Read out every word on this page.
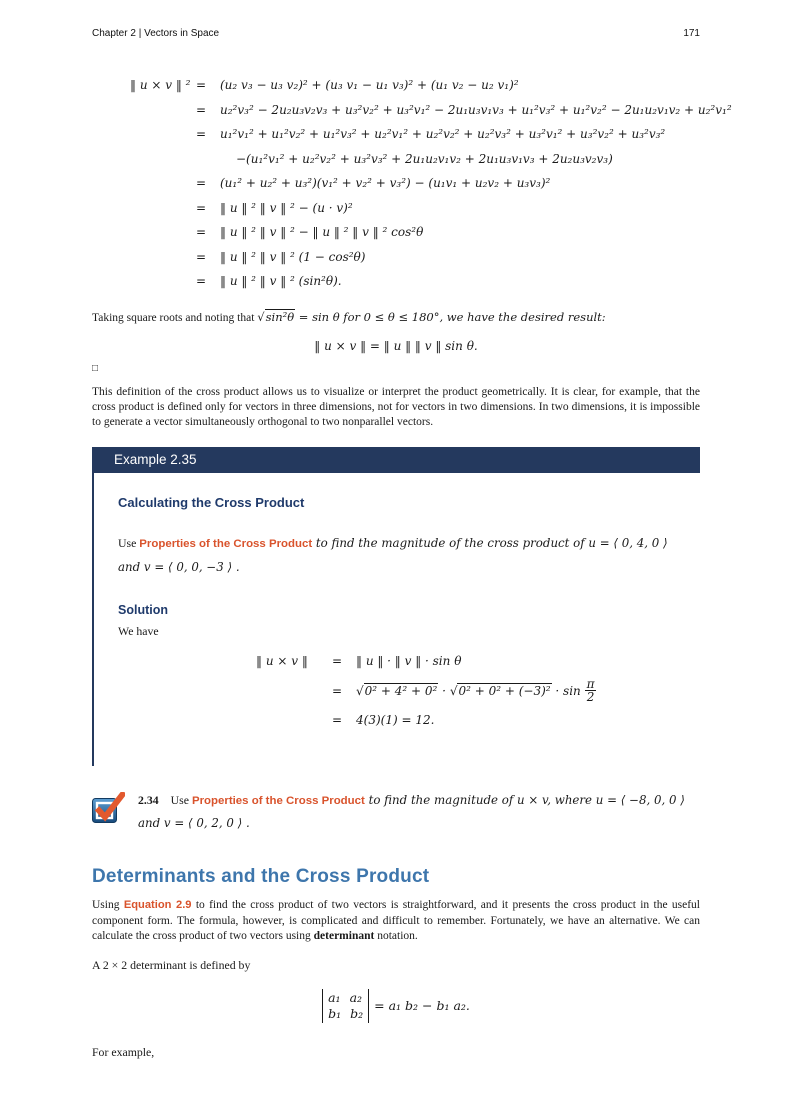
Chapter 2 | Vectors in Space	171
‖ u × v ‖ ² =	(u₂ v₃ − u₃ v₂)² + (u₃ v₁ − u₁ v₃)² + (u₁ v₂ − u₂ v₁)²
=	u₂²v₃² − 2u₂u₃v₂v₃ + u₃²v₂² + u₃²v₁² − 2u₁u₃v₁v₃ + u₁²v₃² + u₁²v₂² − 2u₁u₂v₁v₂ + u₂²v₁²
=	u₁²v₁² + u₁²v₂² + u₁²v₃² + u₂²v₁² + u₂²v₂² + u₂²v₃² + u₃²v₁² + u₃²v₂² + u₃²v₃²
−(u₁²v₁² + u₂²v₂² + u₃²v₃² + 2u₁u₂v₁v₂ + 2u₁u₃v₁v₃ + 2u₂u₃v₂v₃)
=	(u₁² + u₂² + u₃²)(v₁² + v₂² + v₃²) − (u₁v₁ + u₂v₂ + u₃v₃)²
=	‖ u ‖ ² ‖ v ‖ ² − (u · v)²
=	‖ u ‖ ² ‖ v ‖ ² − ‖ u ‖ ² ‖ v ‖ ² cos²θ
=	‖ u ‖ ² ‖ v ‖ ² (1 − cos²θ)
=	‖ u ‖ ² ‖ v ‖ ² (sin²θ).

Taking square roots and noting that √sin²θ = sin θ for 0 ≤ θ ≤ 180°, we have the desired result:

‖ u × v ‖ = ‖ u ‖ ‖ v ‖ sin θ.
□

This definition of the cross product allows us to visualize or interpret the product geometrically. It is clear, for example, that the cross product is defined only for vectors in three dimensions, not for vectors in two dimensions. In two dimensions, it is impossible to generate a vector simultaneously orthogonal to two nonparallel vectors.

Example 2.35
Calculating the Cross Product

Use Properties of the Cross Product to find the magnitude of the cross product of u = ⟨ 0, 4, 0 ⟩ and v = ⟨ 0, 0, −3 ⟩ .

Solution

We have

‖ u × v ‖	=	‖ u ‖ · ‖ v ‖ · sin θ
=	$√0^2 + 4^2 + 0^2 \cdot √0^2 + 0^2 + (-3)^2 \cdot \sin \frac{\pi}{2}$
=	4(3)(1) = 12.

2.34 Use Properties of the Cross Product to find the magnitude of u × v, where u = ⟨ −8, 0, 0 ⟩ and v = ⟨ 0, 2, 0 ⟩ .

Determinants and the Cross Product

Using Equation 2.9 to find the cross product of two vectors is straightforward, and it presents the cross product in the useful component form. The formula, however, is complicated and difficult to remember. Fortunately, we have an alternative. We can calculate the cross product of two vectors using determinant notation.

A 2 × 2 determinant is defined by

a₁ a₂
b₁ b₂ = a₁ b₂ − b₁ a₂.

For example,
